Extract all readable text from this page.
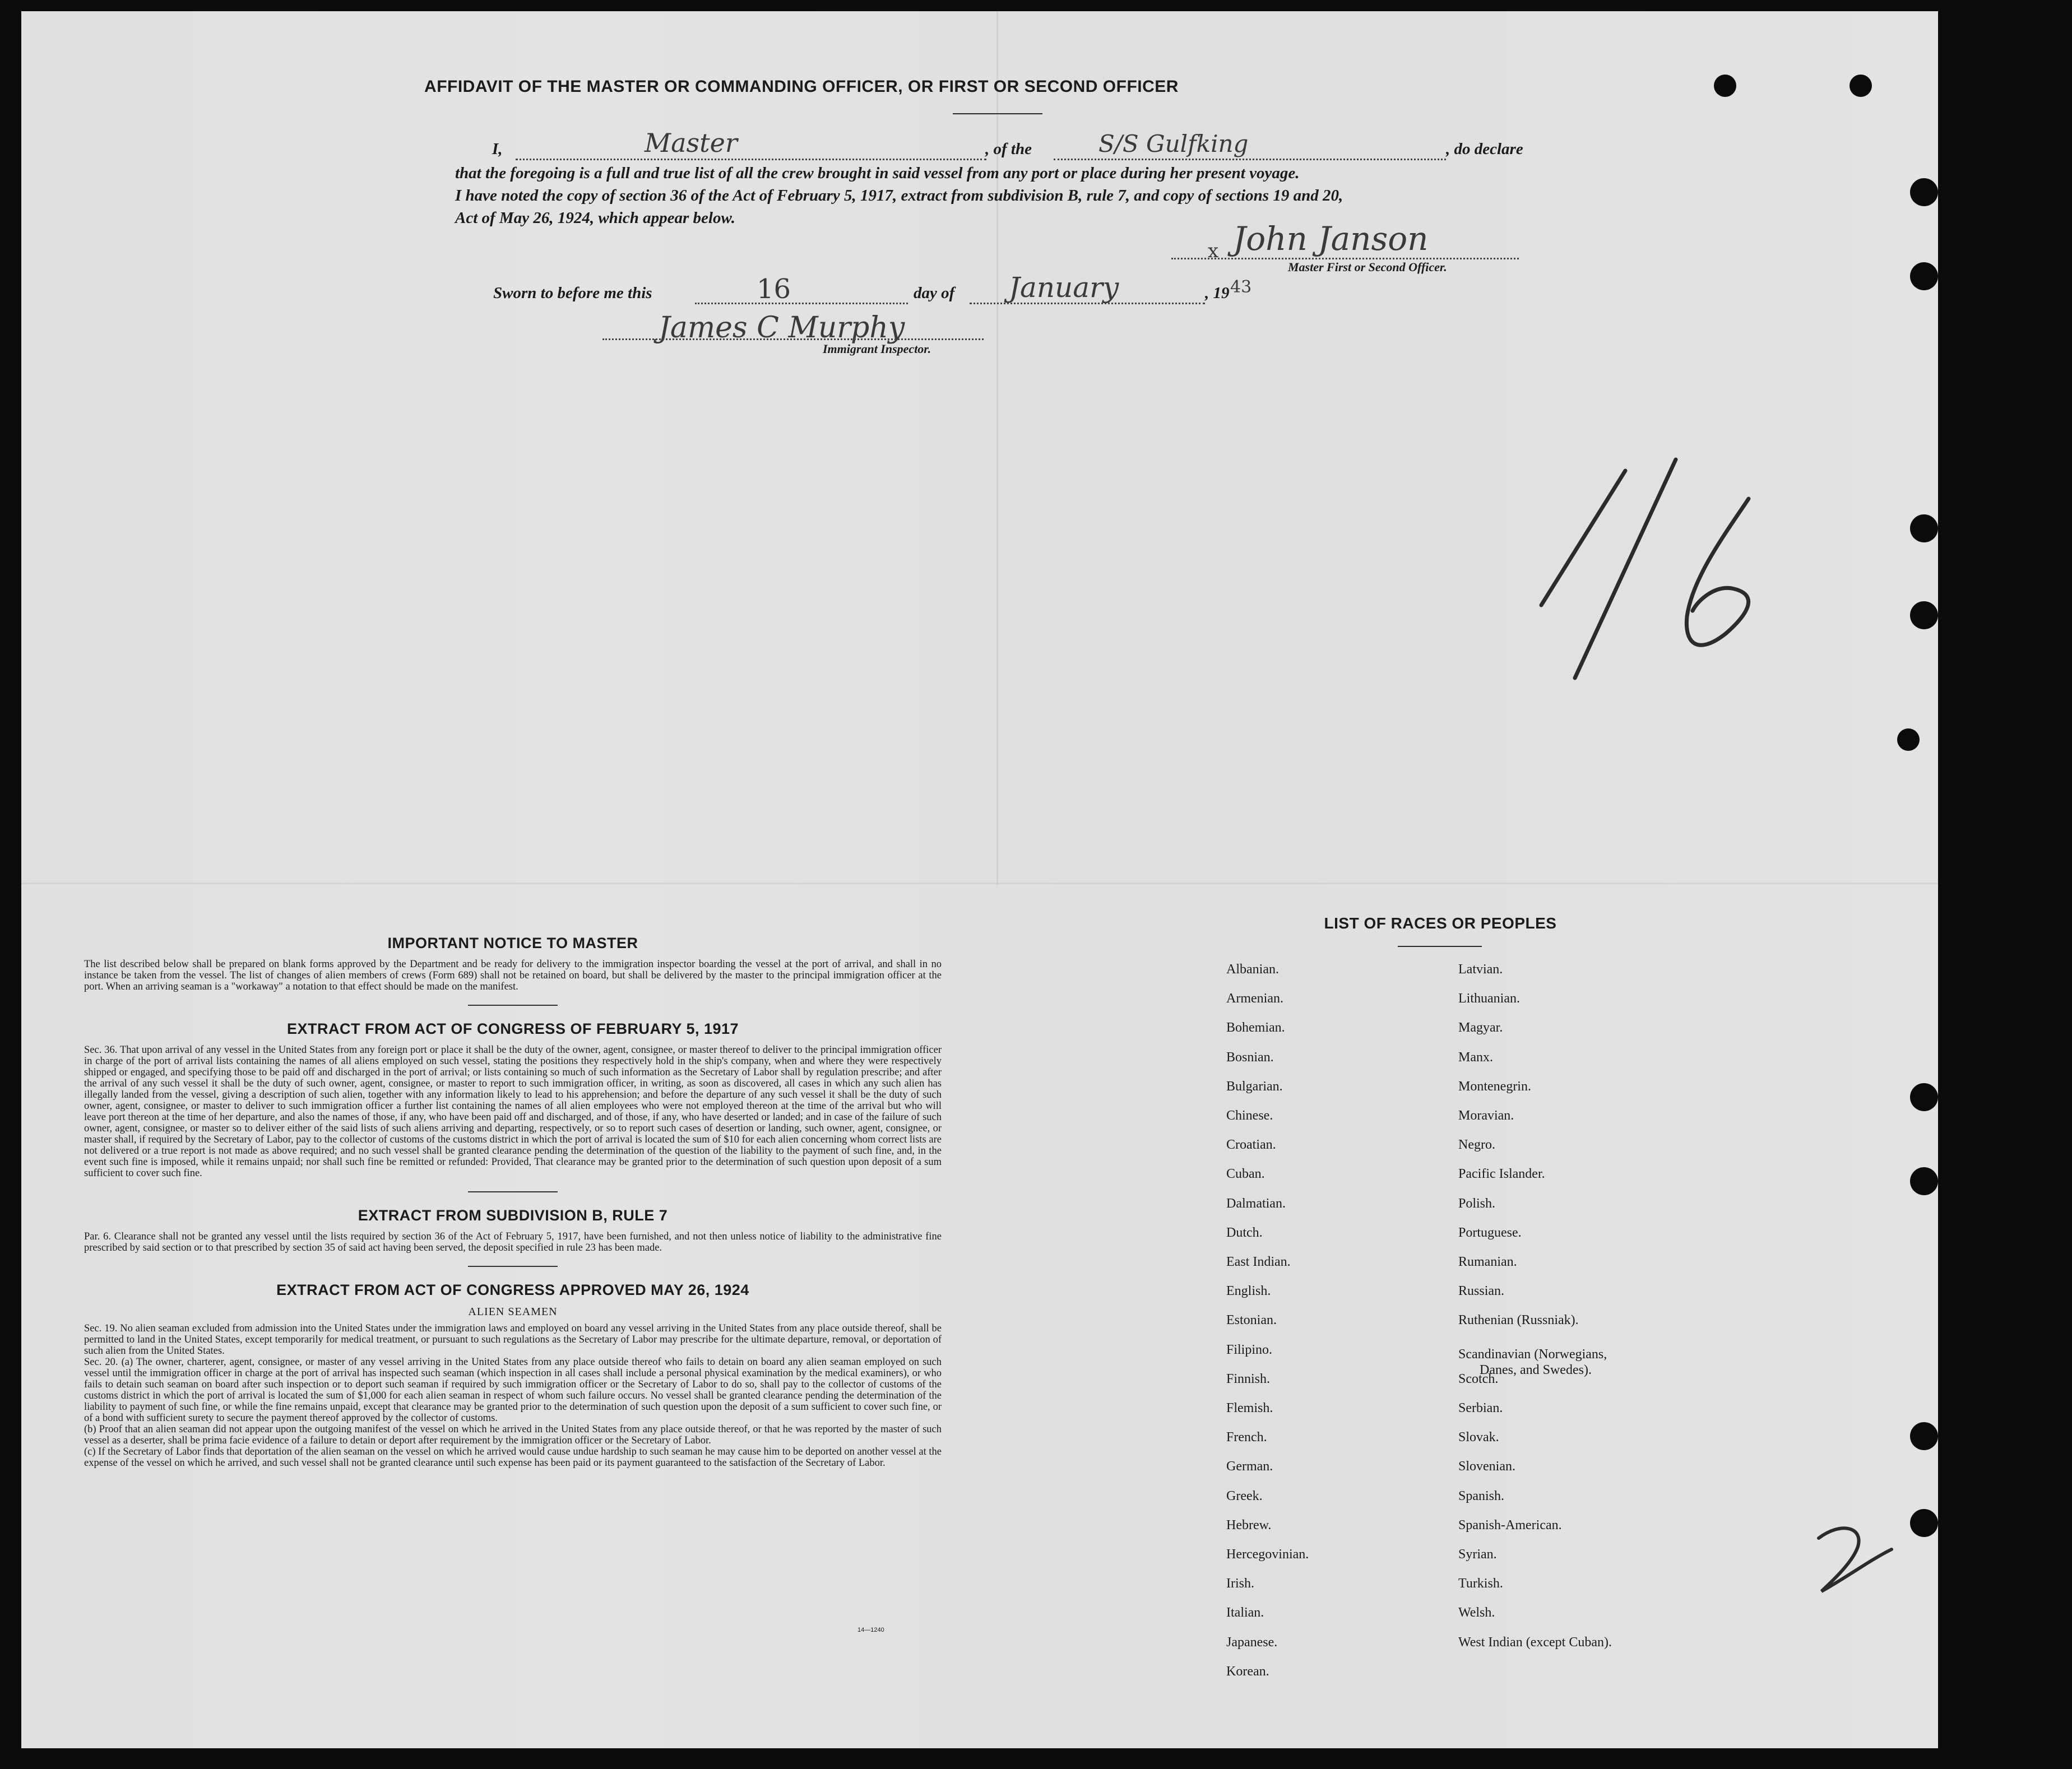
AFFIDAVIT OF THE MASTER OR COMMANDING OFFICER, OR FIRST OR SECOND OFFICER
I,	Master	, of the	S/S Gulfking	, do declare
that the foregoing is a full and true list of all the crew brought in said vessel from any port or place during her present voyage.
I have noted the copy of section 36 of the Act of February 5, 1917, extract from subdivision B, rule 7, and copy of sections 19 and 20,
Act of May 26, 1924, which appear below.
x John Janson
Master First or Second Officer.
Sworn to before me this	16	day of January	, 19 43
James C Murphy
Immigrant Inspector.
IMPORTANT NOTICE TO MASTER

The list described below shall be prepared on blank forms approved by the Department and be ready for delivery to the immigration inspector boarding the vessel at the port of arrival, and shall in no instance be taken from the vessel. The list of changes of alien members of crews (Form 689) shall not be retained on board, but shall be delivered by the master to the principal immigration officer at the port. When an arriving seaman is a "workaway" a notation to that effect should be made on the manifest.

EXTRACT FROM ACT OF CONGRESS OF FEBRUARY 5, 1917

Sec. 36. That upon arrival of any vessel in the United States from any foreign port or place it shall be the duty of the owner, agent, consignee, or master thereof to deliver to the principal immigration officer in charge of the port of arrival lists containing the names of all aliens employed on such vessel, stating the positions they respectively hold in the ship's company, when and where they were respectively shipped or engaged, and specifying those to be paid off and discharged in the port of arrival; or lists containing so much of such information as the Secretary of Labor shall by regulation prescribe; and after the arrival of any such vessel it shall be the duty of such owner, agent, consignee, or master to report to such immigration officer, in writing, as soon as discovered, all cases in which any such alien has illegally landed from the vessel, giving a description of such alien, together with any information likely to lead to his apprehension; and before the departure of any such vessel it shall be the duty of such owner, agent, consignee, or master to deliver to such immigration officer a further list containing the names of all alien employees who were not employed thereon at the time of the arrival but who will leave port thereon at the time of her departure, and also the names of those, if any, who have been paid off and discharged, and of those, if any, who have deserted or landed; and in case of the failure of such owner, agent, consignee, or master so to deliver either of the said lists of such aliens arriving and departing, respectively, or so to report such cases of desertion or landing, such owner, agent, consignee, or master shall, if required by the Secretary of Labor, pay to the collector of customs of the customs district in which the port of arrival is located the sum of $10 for each alien concerning whom correct lists are not delivered or a true report is not made as above required; and no such vessel shall be granted clearance pending the determination of the question of the liability to the payment of such fine, and, in the event such fine is imposed, while it remains unpaid; nor shall such fine be remitted or refunded: Provided, That clearance may be granted prior to the determination of such question upon deposit of a sum sufficient to cover such fine.

EXTRACT FROM SUBDIVISION B, RULE 7

Par. 6. Clearance shall not be granted any vessel until the lists required by section 36 of the Act of February 5, 1917, have been furnished, and not then unless notice of liability to the administrative fine prescribed by said section or to that prescribed by section 35 of said act having been served, the deposit specified in rule 23 has been made.

EXTRACT FROM ACT OF CONGRESS APPROVED MAY 26, 1924
ALIEN SEAMEN

Sec. 19. No alien seaman excluded from admission into the United States under the immigration laws and employed on board any vessel arriving in the United States from any place outside thereof, shall be permitted to land in the United States, except temporarily for medical treatment, or pursuant to such regulations as the Secretary of Labor may prescribe for the ultimate departure, removal, or deportation of such alien from the United States.

Sec. 20. (a) The owner, charterer, agent, consignee, or master of any vessel arriving in the United States from any place outside thereof who fails to detain on board any alien seaman employed on such vessel until the immigration officer in charge at the port of arrival has inspected such seaman (which inspection in all cases shall include a personal physical examination by the medical examiners), or who fails to detain such seaman on board after such inspection or to deport such seaman if required by such immigration officer or the Secretary of Labor to do so, shall pay to the collector of customs of the customs district in which the port of arrival is located the sum of $1,000 for each alien seaman in respect of whom such failure occurs. No vessel shall be granted clearance pending the determination of the liability to payment of such fine, or while the fine remains unpaid, except that clearance may be granted prior to the determination of such question upon the deposit of a sum sufficient to cover such fine, or of a bond with sufficient surety to secure the payment thereof approved by the collector of customs.

(b) Proof that an alien seaman did not appear upon the outgoing manifest of the vessel on which he arrived in the United States from any place outside thereof, or that he was reported by the master of such vessel as a deserter, shall be prima facie evidence of a failure to detain or deport after requirement by the immigration officer or the Secretary of Labor.

(c) If the Secretary of Labor finds that deportation of the alien seaman on the vessel on which he arrived would cause undue hardship to such seaman he may cause him to be deported on another vessel at the expense of the vessel on which he arrived, and such vessel shall not be granted clearance until such expense has been paid or its payment guaranteed to the satisfaction of the Secretary of Labor.

14—1240
LIST OF RACES OR PEOPLES
Albanian.
Armenian.
Bohemian.
Bosnian.
Bulgarian.
Chinese.
Croatian.
Cuban.
Dalmatian.
Dutch.
East Indian.
English.
Estonian.
Filipino.
Finnish.
Flemish.
French.
German.
Greek.
Hebrew.
Hercegovinian.
Irish.
Italian.
Japanese.
Korean.
Latvian.
Lithuanian.
Magyar.
Manx.
Montenegrin.
Moravian.
Negro.
Pacific Islander.
Polish.
Portuguese.
Rumanian.
Russian.
Ruthenian (Russniak).
Scandinavian (Norwegians,
Danes, and Swedes).
Scotch.
Serbian.
Slovak.
Slovenian.
Spanish.
Spanish-American.
Syrian.
Turkish.
Welsh.
West Indian (except Cuban).
